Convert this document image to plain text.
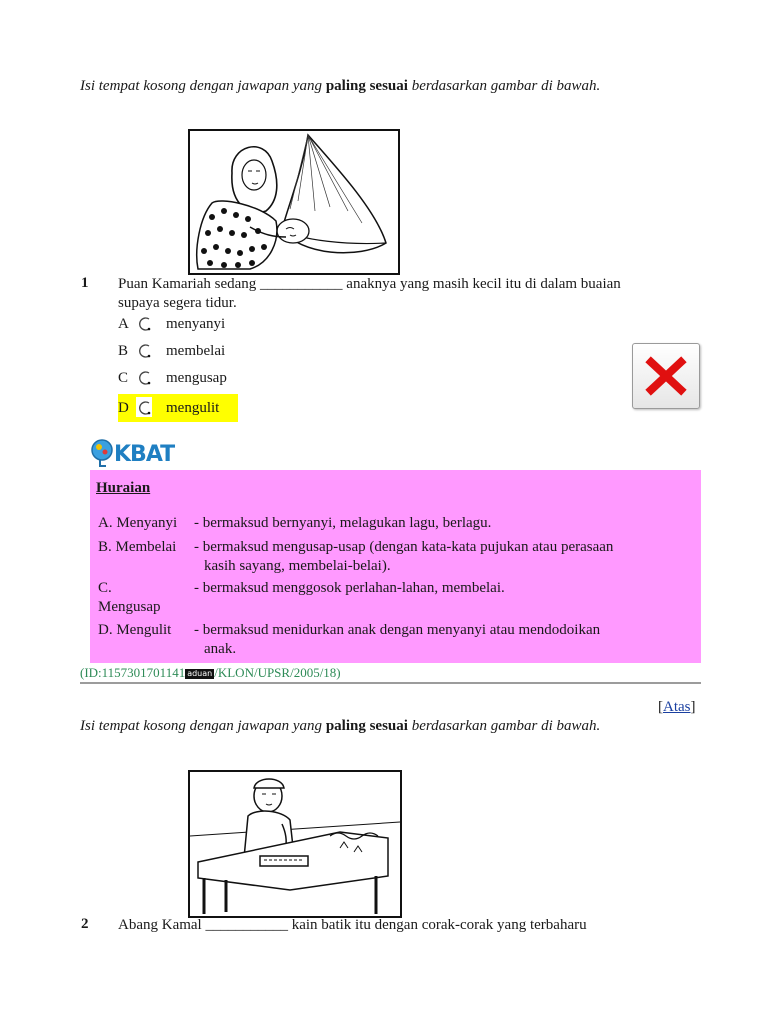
Isi tempat kosong dengan jawapan yang paling sesuai berdasarkan gambar di bawah.
1 Puan Kamariah sedang ___________ anaknya yang masih kecil itu di dalam buaian
supaya segera tidur.
A menyanyi
B	membelai
C	mengusap
D mengulit
KBAT
Huraian
A. Menyanyi - bermaksud bernyanyi, melagukan lagu, berlagu.
B. Membelai - bermaksud mengusap-usap (dengan kata-kata pujukan atau perasaan
kasih sayang, membelai-belai).
C.
Mengusap
- bermaksud menggosok perlahan-lahan, membelai.
D. Mengulit - bermaksud menidurkan anak dengan menyanyi atau mendodoikan
anak.
(ID:1157301701141 aduan /KLON/UPSR/2005/18)
[Atas]
Isi tempat kosong dengan jawapan yang paling sesuai berdasarkan gambar di bawah.
2 Abang Kamal ___________ kain batik itu dengan corak-corak yang terbaharu
